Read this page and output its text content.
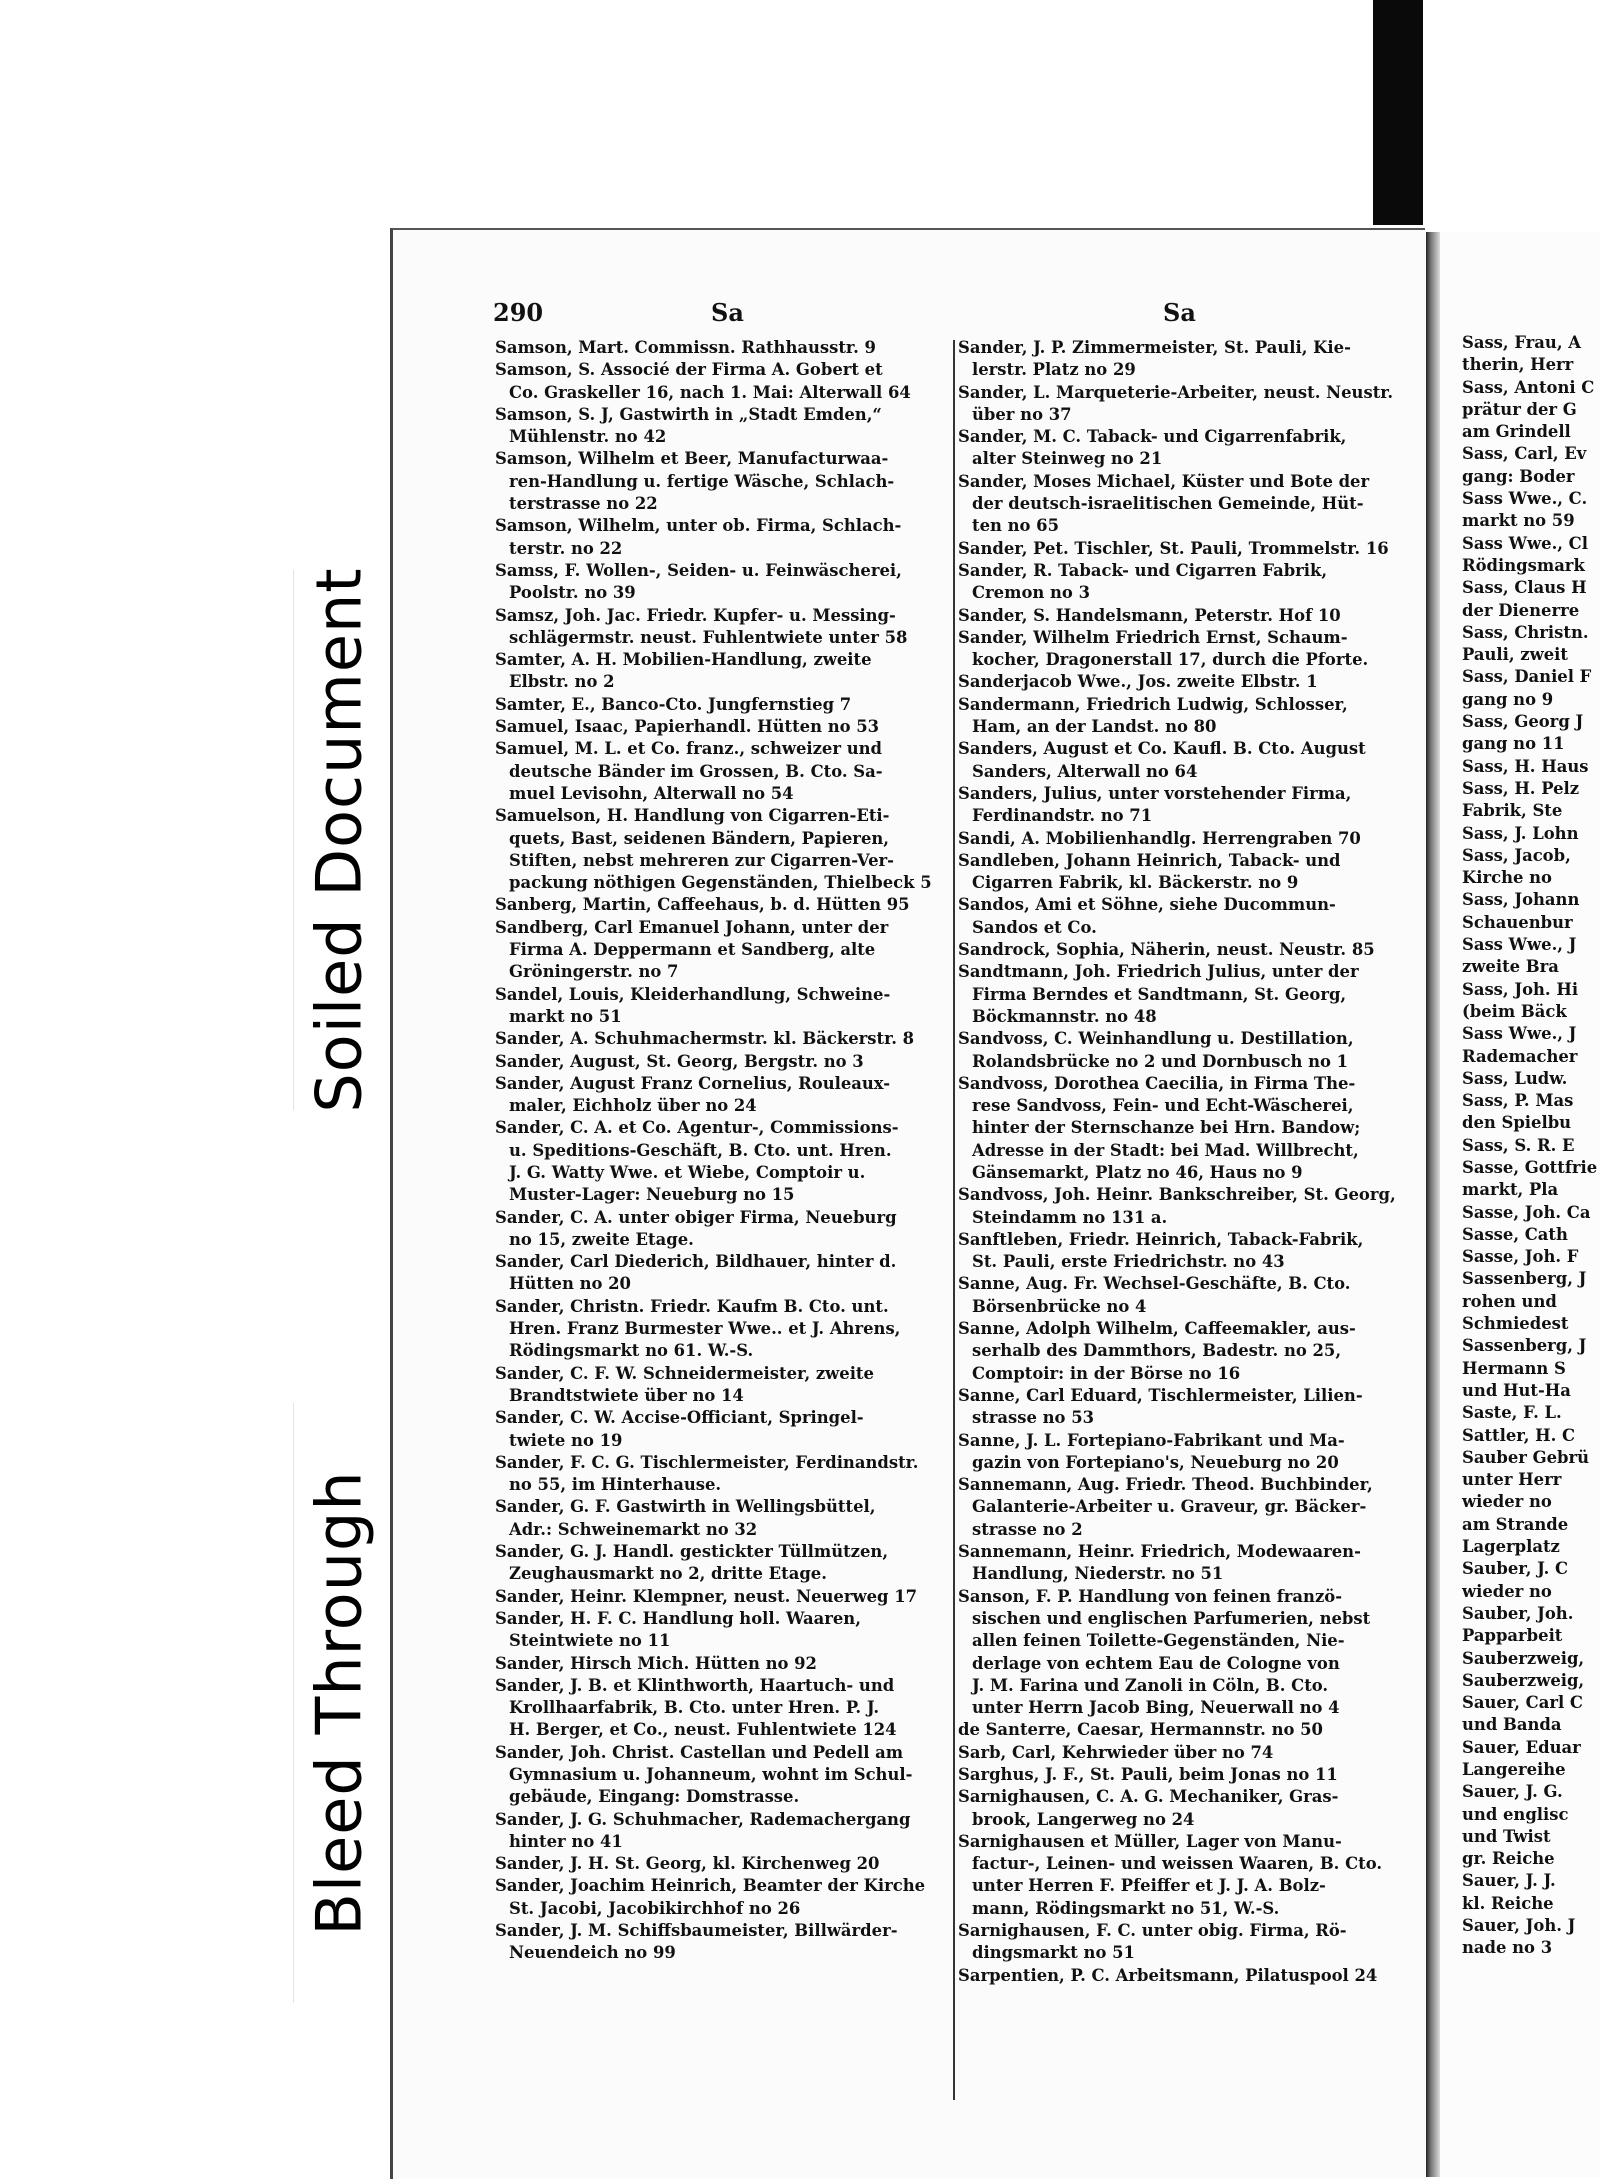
Soiled Document
Bleed Through
290	Sa	Sa
Samson, Mart. Commissn. Rathhausstr. 9
Samson, S. Associé der Firma A. Gobert et
Co. Graskeller 16, nach 1. Mai: Alterwall 64
Samson, S. J, Gastwirth in „Stadt Emden,“
Mühlenstr. no 42
Samson, Wilhelm et Beer, Manufacturwaa-
ren-Handlung u. fertige Wäsche, Schlach-
terstrasse no 22
Samson, Wilhelm, unter ob. Firma, Schlach-
terstr. no 22
Samss, F. Wollen-, Seiden- u. Feinwäscherei,
Poolstr. no 39
Samsz, Joh. Jac. Friedr. Kupfer- u. Messing-
schlägermstr. neust. Fuhlentwiete unter 58
Samter, A. H. Mobilien-Handlung, zweite
Elbstr. no 2
Samter, E., Banco-Cto. Jungfernstieg 7
Samuel, Isaac, Papierhandl. Hütten no 53
Samuel, M. L. et Co. franz., schweizer und
deutsche Bänder im Grossen, B. Cto. Sa-
muel Levisohn, Alterwall no 54
Samuelson, H. Handlung von Cigarren-Eti-
quets, Bast, seidenen Bändern, Papieren,
Stiften, nebst mehreren zur Cigarren-Ver-
packung nöthigen Gegenständen, Thielbeck 5
Sanberg, Martin, Caffeehaus, b. d. Hütten 95
Sandberg, Carl Emanuel Johann, unter der
Firma A. Deppermann et Sandberg, alte
Gröningerstr. no 7
Sandel, Louis, Kleiderhandlung, Schweine-
markt no 51
Sander, A. Schuhmachermstr. kl. Bäckerstr. 8
Sander, August, St. Georg, Bergstr. no 3
Sander, August Franz Cornelius, Rouleaux-
maler, Eichholz über no 24
Sander, C. A. et Co. Agentur-, Commissions-
u. Speditions-Geschäft, B. Cto. unt. Hren.
J. G. Watty Wwe. et Wiebe, Comptoir u.
Muster-Lager: Neueburg no 15
Sander, C. A. unter obiger Firma, Neueburg
no 15, zweite Etage.
Sander, Carl Diederich, Bildhauer, hinter d.
Hütten no 20
Sander, Christn. Friedr. Kaufm B. Cto. unt.
Hren. Franz Burmester Wwe.. et J. Ahrens,
Rödingsmarkt no 61. W.-S.
Sander, C. F. W. Schneidermeister, zweite
Brandtstwiete über no 14
Sander, C. W. Accise-Officiant, Springel-
twiete no 19
Sander, F. C. G. Tischlermeister, Ferdinandstr.
no 55, im Hinterhause.
Sander, G. F. Gastwirth in Wellingsbüttel,
Adr.: Schweinemarkt no 32
Sander, G. J. Handl. gestickter Tüllmützen,
Zeughausmarkt no 2, dritte Etage.
Sander, Heinr. Klempner, neust. Neuerweg 17
Sander, H. F. C. Handlung holl. Waaren,
Steintwiete no 11
Sander, Hirsch Mich. Hütten no 92
Sander, J. B. et Klinthworth, Haartuch- und
Krollhaarfabrik, B. Cto. unter Hren. P. J.
H. Berger, et Co., neust. Fuhlentwiete 124
Sander, Joh. Christ. Castellan und Pedell am
Gymnasium u. Johanneum, wohnt im Schul-
gebäude, Eingang: Domstrasse.
Sander, J. G. Schuhmacher, Rademachergang
hinter no 41
Sander, J. H. St. Georg, kl. Kirchenweg 20
Sander, Joachim Heinrich, Beamter der Kirche
St. Jacobi, Jacobikirchhof no 26
Sander, J. M. Schiffsbaumeister, Billwärder-
Neuendeich no 99
Sander, J. P. Zimmermeister, St. Pauli, Kie-
lerstr. Platz no 29
Sander, L. Marqueterie-Arbeiter, neust. Neustr.
über no 37
Sander, M. C. Taback- und Cigarrenfabrik,
alter Steinweg no 21
Sander, Moses Michael, Küster und Bote der
der deutsch-israelitischen Gemeinde, Hüt-
ten no 65
Sander, Pet. Tischler, St. Pauli, Trommelstr. 16
Sander, R. Taback- und Cigarren Fabrik,
Cremon no 3
Sander, S. Handelsmann, Peterstr. Hof 10
Sander, Wilhelm Friedrich Ernst, Schaum-
kocher, Dragonerstall 17, durch die Pforte.
Sanderjacob Wwe., Jos. zweite Elbstr. 1
Sandermann, Friedrich Ludwig, Schlosser,
Ham, an der Landst. no 80
Sanders, August et Co. Kaufl. B. Cto. August
Sanders, Alterwall no 64
Sanders, Julius, unter vorstehender Firma,
Ferdinandstr. no 71
Sandi, A. Mobilienhandlg. Herrengraben 70
Sandleben, Johann Heinrich, Taback- und
Cigarren Fabrik, kl. Bäckerstr. no 9
Sandos, Ami et Söhne, siehe Ducommun-
Sandos et Co.
Sandrock, Sophia, Näherin, neust. Neustr. 85
Sandtmann, Joh. Friedrich Julius, unter der
Firma Berndes et Sandtmann, St. Georg,
Böckmannstr. no 48
Sandvoss, C. Weinhandlung u. Destillation,
Rolandsbrücke no 2 und Dornbusch no 1
Sandvoss, Dorothea Caecilia, in Firma The-
rese Sandvoss, Fein- und Echt-Wäscherei,
hinter der Sternschanze bei Hrn. Bandow;
Adresse in der Stadt: bei Mad. Willbrecht,
Gänsemarkt, Platz no 46, Haus no 9
Sandvoss, Joh. Heinr. Bankschreiber, St. Georg,
Steindamm no 131 a.
Sanftleben, Friedr. Heinrich, Taback-Fabrik,
St. Pauli, erste Friedrichstr. no 43
Sanne, Aug. Fr. Wechsel-Geschäfte, B. Cto.
Börsenbrücke no 4
Sanne, Adolph Wilhelm, Caffeemakler, aus-
serhalb des Dammthors, Badestr. no 25,
Comptoir: in der Börse no 16
Sanne, Carl Eduard, Tischlermeister, Lilien-
strasse no 53
Sanne, J. L. Fortepiano-Fabrikant und Ma-
gazin von Fortepiano's, Neueburg no 20
Sannemann, Aug. Friedr. Theod. Buchbinder,
Galanterie-Arbeiter u. Graveur, gr. Bäcker-
strasse no 2
Sannemann, Heinr. Friedrich, Modewaaren-
Handlung, Niederstr. no 51
Sanson, F. P. Handlung von feinen franzö-
sischen und englischen Parfumerien, nebst
allen feinen Toilette-Gegenständen, Nie-
derlage von echtem Eau de Cologne von
J. M. Farina und Zanoli in Cöln, B. Cto.
unter Herrn Jacob Bing, Neuerwall no 4
de Santerre, Caesar, Hermannstr. no 50
Sarb, Carl, Kehrwieder über no 74
Sarghus, J. F., St. Pauli, beim Jonas no 11
Sarnighausen, C. A. G. Mechaniker, Gras-
brook, Langerweg no 24
Sarnighausen et Müller, Lager von Manu-
factur-, Leinen- und weissen Waaren, B. Cto.
unter Herren F. Pfeiffer et J. J. A. Bolz-
mann, Rödingsmarkt no 51, W.-S.
Sarnighausen, F. C. unter obig. Firma, Rö-
dingsmarkt no 51
Sarpentien, P. C. Arbeitsmann, Pilatuspool 24
Sass, Frau, A
therin, Herr
Sass, Antoni C
prätur der G
am Grindell
Sass, Carl, Ev
gang: Boder
Sass Wwe., C.
markt no 59
Sass Wwe., Cl
Rödingsmark
Sass, Claus H
der Dienerre
Sass, Christn.
Pauli, zweit
Sass, Daniel F
gang no 9
Sass, Georg J
gang no 11
Sass, H. Haus
Sass, H. Pelz
Fabrik, Ste
Sass, J. Lohn
Sass, Jacob,
Kirche no
Sass, Johann
Schauenbur
Sass Wwe., J
zweite Bra
Sass, Joh. Hi
(beim Bäck
Sass Wwe., J
Rademacher
Sass, Ludw.
Sass, P. Mas
den Spielbu
Sass, S. R. E
Sasse, Gottfrie
markt, Pla
Sasse, Joh. Ca
Sasse, Cath
Sasse, Joh. F
Sassenberg, J
rohen und
Schmiedest
Sassenberg, J
Hermann S
und Hut-Ha
Saste, F. L.
Sattler, H. C
Sauber Gebrü
unter Herr
wieder no
am Strande
Lagerplatz
Sauber, J. C
wieder no
Sauber, Joh.
Papparbeit
Sauberzweig,
Sauberzweig,
Sauer, Carl C
und Banda
Sauer, Eduar
Langereihe
Sauer, J. G.
und englisc
und Twist
gr. Reiche
Sauer, J. J.
kl. Reiche
Sauer, Joh. J
nade no 3
